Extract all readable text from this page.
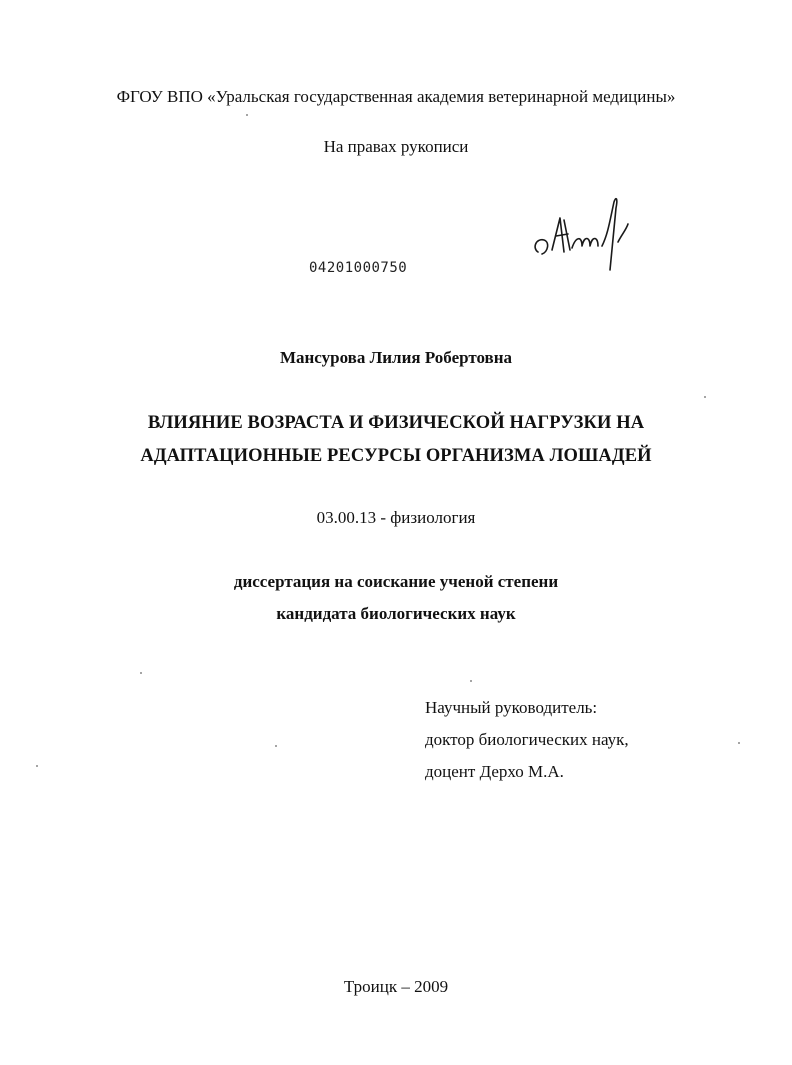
ФГОУ ВПО «Уральская государственная академия ветеринарной медицины»
На правах рукописи
04201000750
Мансурова Лилия Робертовна
ВЛИЯНИЕ ВОЗРАСТА И ФИЗИЧЕСКОЙ НАГРУЗКИ НА
АДАПТАЦИОННЫЕ РЕСУРСЫ ОРГАНИЗМА ЛОШАДЕЙ
03.00.13 - физиология
диссертация на соискание ученой степени
кандидата биологических наук
Научный руководитель:
доктор биологических наук,
доцент Дерхо М.А.
Троицк – 2009
